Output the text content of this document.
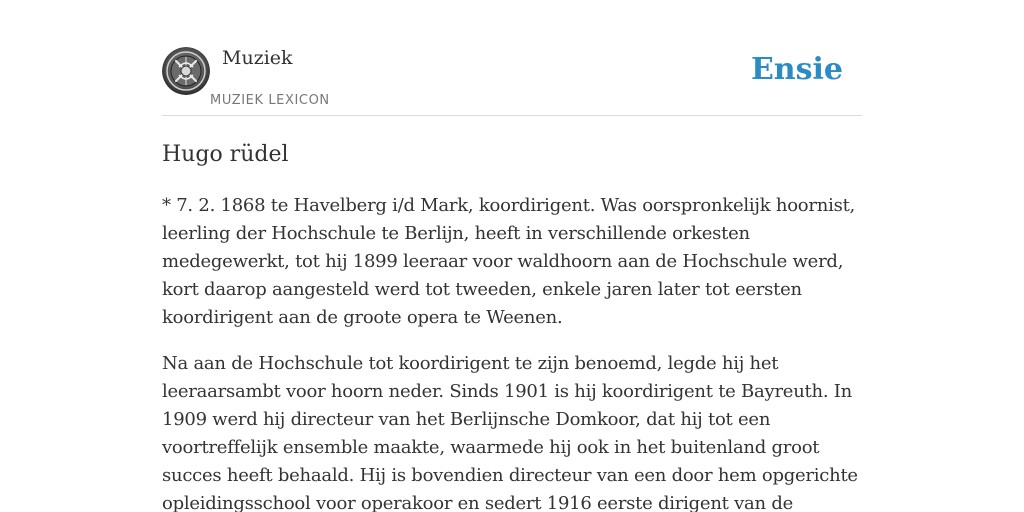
Muziek
MUZIEK LEXICON
Ensie
Hugo rüdel

* 7. 2. 1868 te Havelberg i/d Mark, koordirigent. Was oorspronkelijk hoornist, leerling der Hochschule te Berlijn, heeft in verschillende orkesten medegewerkt, tot hij 1899 leeraar voor waldhoorn aan de Hochschule werd, kort daarop aangesteld werd tot tweeden, enkele jaren later tot eersten koordirigent aan de groote opera te Weenen.

Na aan de Hochschule tot koordirigent te zijn benoemd, legde hij het leeraarsambt voor hoorn neder. Sinds 1901 is hij koordirigent te Bayreuth. In 1909 werd hij directeur van het Berlijnsche Domkoor, dat hij tot een voortreffelijk ensemble maakte, waarmede hij ook in het buitenland groot succes heeft behaald. Hij is bovendien directeur van een door hem opgerichte opleidingsschool voor operakoor en sedert 1916 eerste dirigent van de
